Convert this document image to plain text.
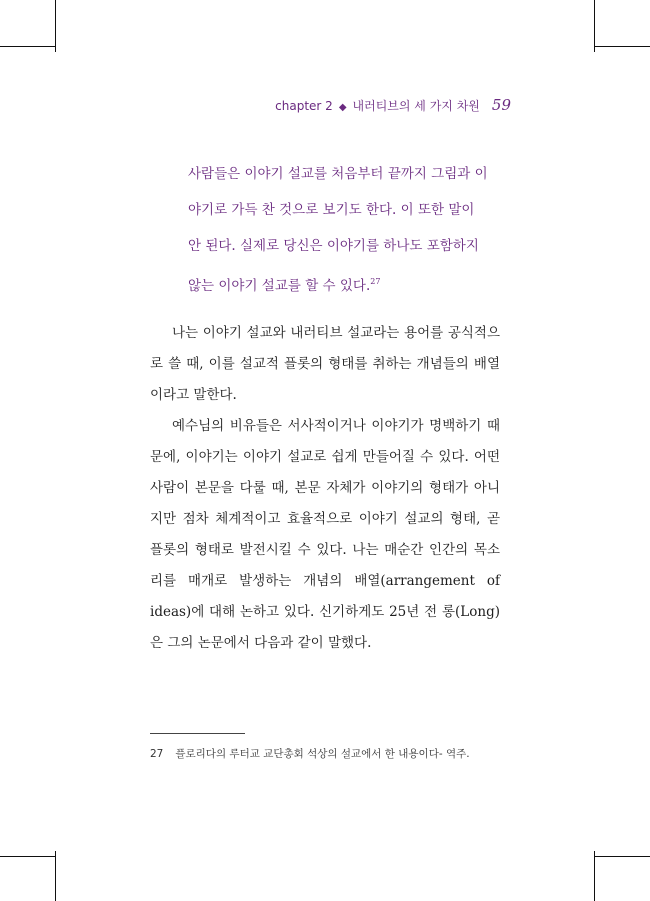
chapter 2 ◆ 내러티브의 세 가지 차원 59
사람들은 이야기 설교를 처음부터 끝까지 그림과 이야기로 가득 찬 것으로 보기도 한다. 이 또한 말이 안 된다. 실제로 당신은 이야기를 하나도 포함하지 않는 이야기 설교를 할 수 있다.$^{27}$

나는 이야기 설교와 내러티브 설교라는 용어를 공식적으로 쓸 때, 이를 설교적 플롯의 형태를 취하는 개념들의 배열이라고 말한다.

예수님의 비유들은 서사적이거나 이야기가 명백하기 때문에, 이야기는 이야기 설교로 쉽게 만들어질 수 있다. 어떤 사람이 본문을 다룰 때, 본문 자체가 이야기의 형태가 아니지만 점차 체계적이고 효율적으로 이야기 설교의 형태, 곧 플롯의 형태로 발전시킬 수 있다. 나는 매순간 인간의 목소리를 매개로 발생하는 개념의 배열(arrangement of ideas)에 대해 논하고 있다. 신기하게도 25년 전 롱(Long)은 그의 논문에서 다음과 같이 말했다.

27 플로리다의 루터교 교단총회 석상의 설교에서 한 내용이다- 역주.
